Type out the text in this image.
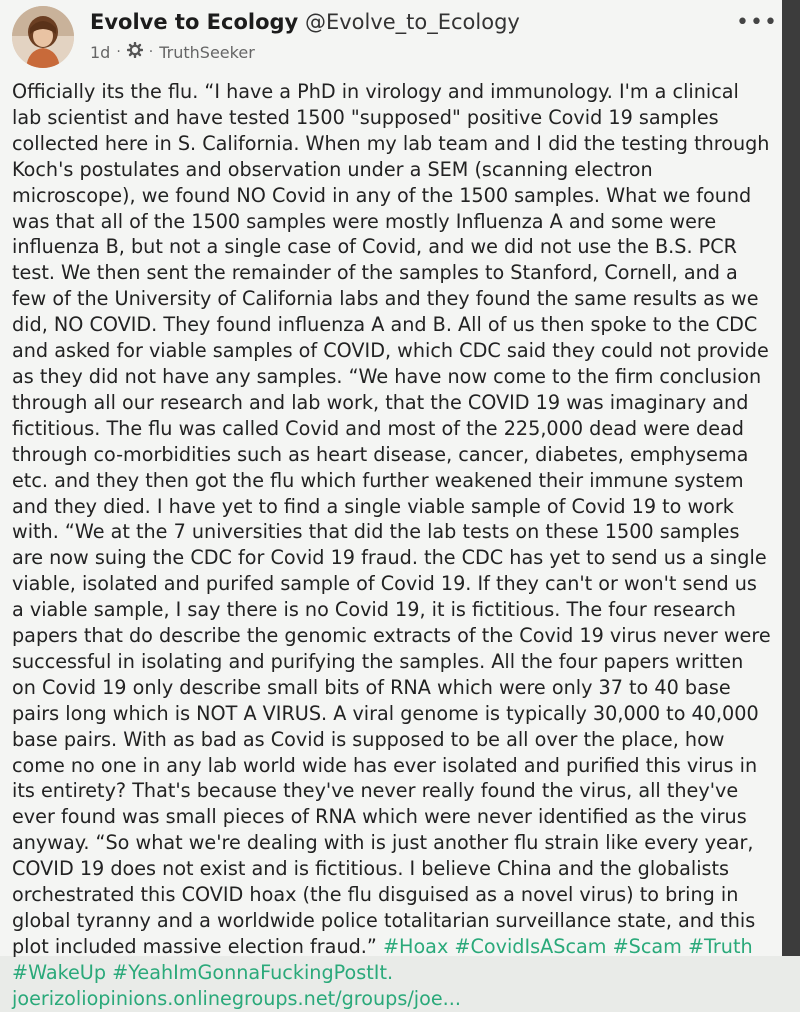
Evolve to Ecology @Evolve_to_Ecology
1d · · TruthSeeker
•••
Officially its the flu. “I have a PhD in virology and immunology. I'm a clinical lab scientist and have tested 1500 "supposed" positive Covid 19 samples collected here in S. California. When my lab team and I did the testing through Koch's postulates and observation under a SEM (scanning electron microscope), we found NO Covid in any of the 1500 samples. What we found was that all of the 1500 samples were mostly Influenza A and some were influenza B, but not a single case of Covid, and we did not use the B.S. PCR test. We then sent the remainder of the samples to Stanford, Cornell, and a few of the University of California labs and they found the same results as we did, NO COVID. They found influenza A and B. All of us then spoke to the CDC and asked for viable samples of COVID, which CDC said they could not provide as they did not have any samples. “We have now come to the firm conclusion through all our research and lab work, that the COVID 19 was imaginary and fictitious. The flu was called Covid and most of the 225,000 dead were dead through co-morbidities such as heart disease, cancer, diabetes, emphysema etc. and they then got the flu which further weakened their immune system and they died. I have yet to find a single viable sample of Covid 19 to work with. “We at the 7 universities that did the lab tests on these 1500 samples are now suing the CDC for Covid 19 fraud. the CDC has yet to send us a single viable, isolated and purifed sample of Covid 19. If they can't or won't send us a viable sample, I say there is no Covid 19, it is fictitious. The four research papers that do describe the genomic extracts of the Covid 19 virus never were successful in isolating and purifying the samples. All the four papers written on Covid 19 only describe small bits of RNA which were only 37 to 40 base pairs long which is NOT A VIRUS. A viral genome is typically 30,000 to 40,000 base pairs. With as bad as Covid is supposed to be all over the place, how come no one in any lab world wide has ever isolated and purified this virus in its entirety? That's because they've never really found the virus, all they've ever found was small pieces of RNA which were never identified as the virus anyway. “So what we're dealing with is just another flu strain like every year, COVID 19 does not exist and is fictitious. I believe China and the globalists orchestrated this COVID hoax (the flu disguised as a novel virus) to bring in global tyranny and a worldwide police totalitarian surveillance state, and this plot included massive election fraud.” #Hoax #CovidIsAScam #Scam #Truth #WakeUp #YeahImGonnaFuckingPostIt.
joerizoliopinions.onlinegroups.net/groups/joe...
